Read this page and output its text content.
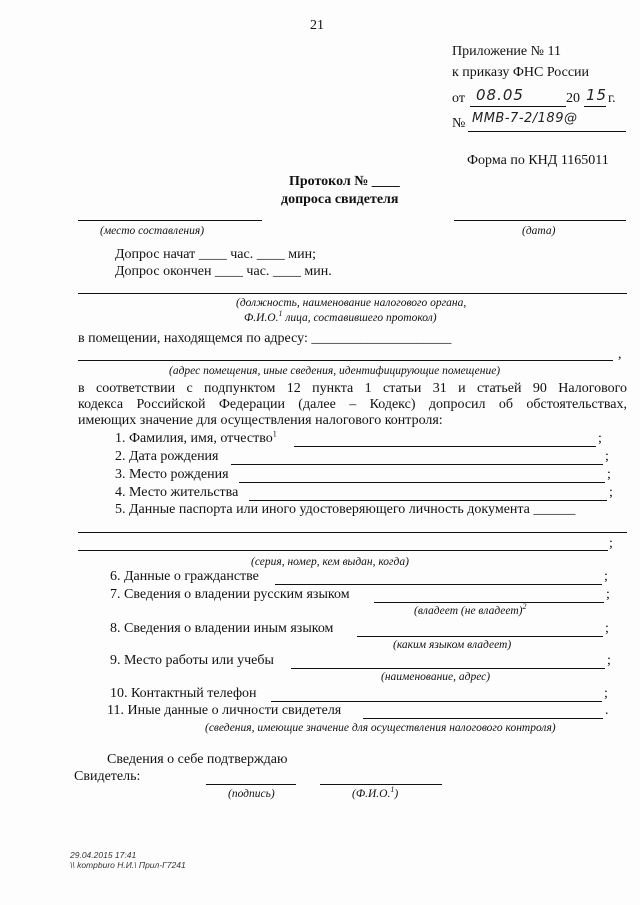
21
Приложение № 11
к приказу ФНС России
от 08.05	20 15 г.
№ ММВ-7-2/189@
Форма по КНД 1165011
Протокол № ____
допроса свидетеля
(место составления)	(дата)
Допрос начат ____ час. ____ мин;
Допрос окончен ____ час. ____ мин.
(должность, наименование налогового органа,
Ф.И.О.$^1$ лица, составившего протокол)
в помещении, находящемся по адресу: ____________________
,
(адрес помещения, иные сведения, идентифицирующие помещение)
в соответствии с подпунктом 12 пункта 1 статьи 31 и статьей 90 Налогового
кодекса Российской Федерации (далее – Кодекс) допросил об обстоятельствах,
имеющих значение для осуществления налогового контроля:
1. Фамилия, имя, отчество$^1$	;
2. Дата рождения	;
3. Место рождения	;
4. Место жительства	;
5. Данные паспорта или иного удостоверяющего личность документа ______
;
(серия, номер, кем выдан, когда)
6. Данные о гражданстве	;
7. Сведения о владении русским языком	;
(владеет (не владеет)$^2$
8. Сведения о владении иным языком	;
(каким языком владеет)
9. Место работы или учебы	;
(наименование, адрес)
10. Контактный телефон	;
11. Иные данные о личности свидетеля	.
(сведения, имеющие значение для осуществления налогового контроля)
Сведения о себе подтверждаю
Свидетель:
(подпись)	(Ф.И.О.$^1$)
29.04.2015 17:41
\\ kompburo Н.И.\ Прил-Г7241
